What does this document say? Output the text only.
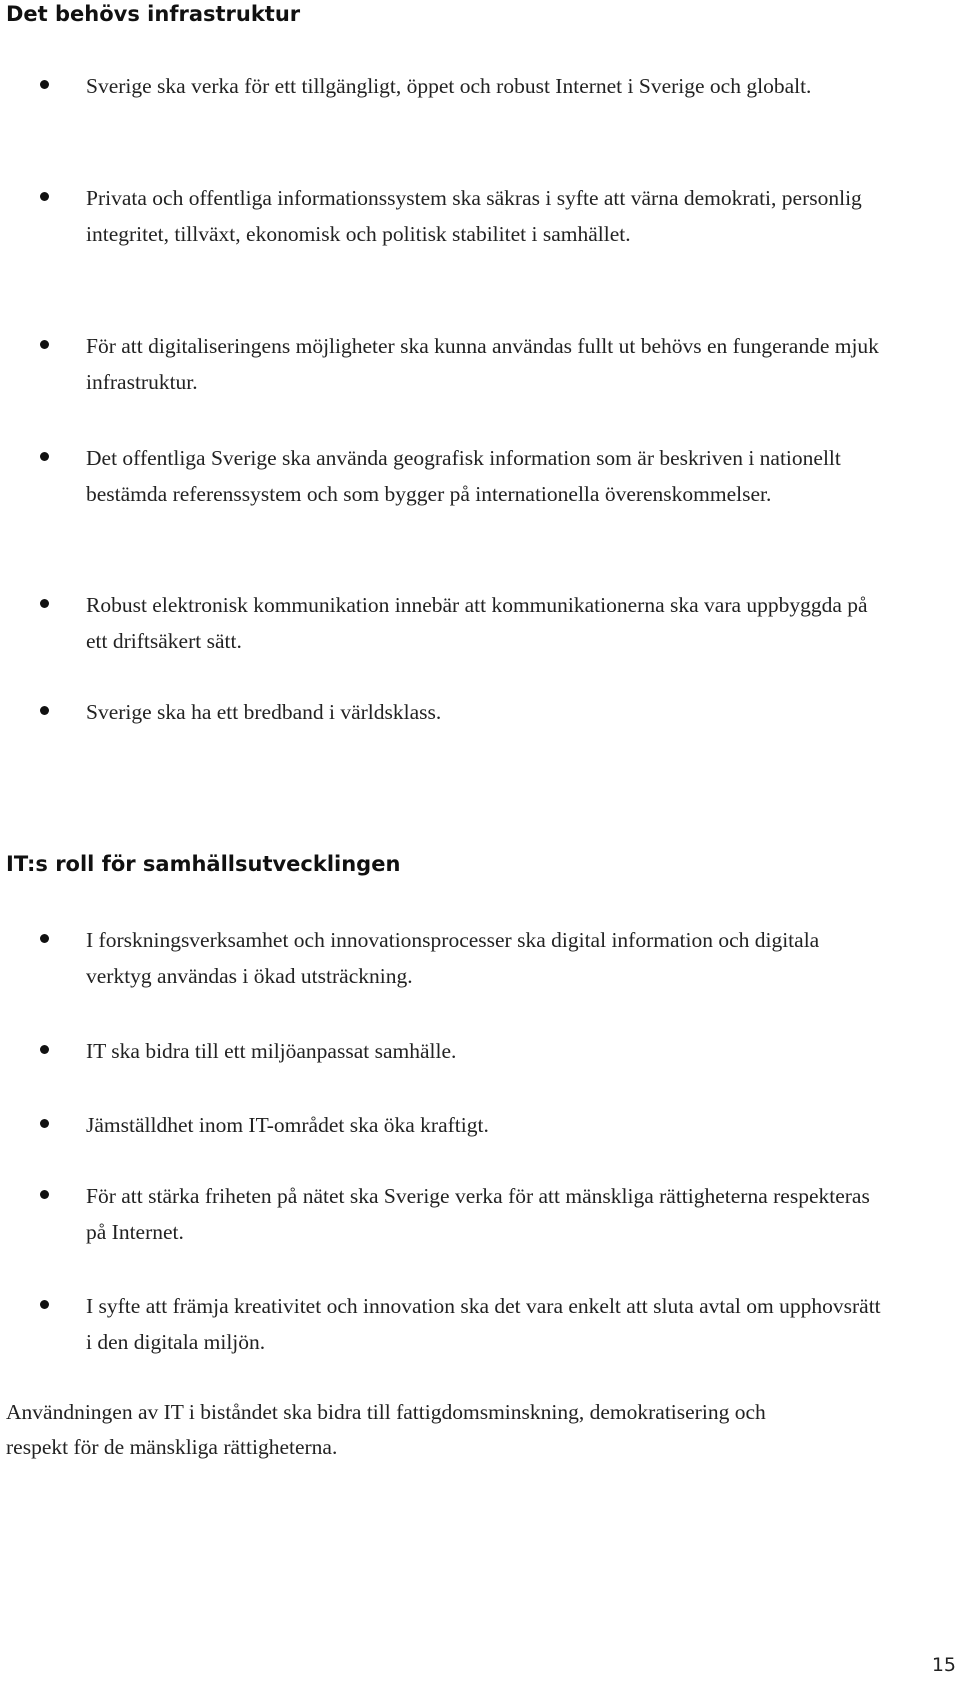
Det behövs infrastruktur
Sverige ska verka för ett tillgängligt, öppet och robust Internet i Sverige och globalt.
Privata och offentliga informationssystem ska säkras i syfte att värna demokrati, personlig integritet, tillväxt, ekonomisk och politisk stabilitet i samhället.
För att digitaliseringens möjligheter ska kunna användas fullt ut behövs en fungerande mjuk infrastruktur.
Det offentliga Sverige ska använda geografisk information som är beskriven i nationellt bestämda referenssystem och som bygger på internationella överenskommelser.
Robust elektronisk kommunikation innebär att kommunikationerna ska vara uppbyggda på ett driftsäkert sätt.
Sverige ska ha ett bredband i världsklass.
IT:s roll för samhällsutvecklingen
I forskningsverksamhet och innovationsprocesser ska digital information och digitala verktyg användas i ökad utsträckning.
IT ska bidra till ett miljöanpassat samhälle.
Jämställdhet inom IT-området ska öka kraftigt.
För att stärka friheten på nätet ska Sverige verka för att mänskliga rättigheterna respekteras på Internet.
I syfte att främja kreativitet och innovation ska det vara enkelt att sluta avtal om upphovsrätt i den digitala miljön.

Användningen av IT i biståndet ska bidra till fattigdomsminskning, demokratisering och respekt för de mänskliga rättigheterna.

15
